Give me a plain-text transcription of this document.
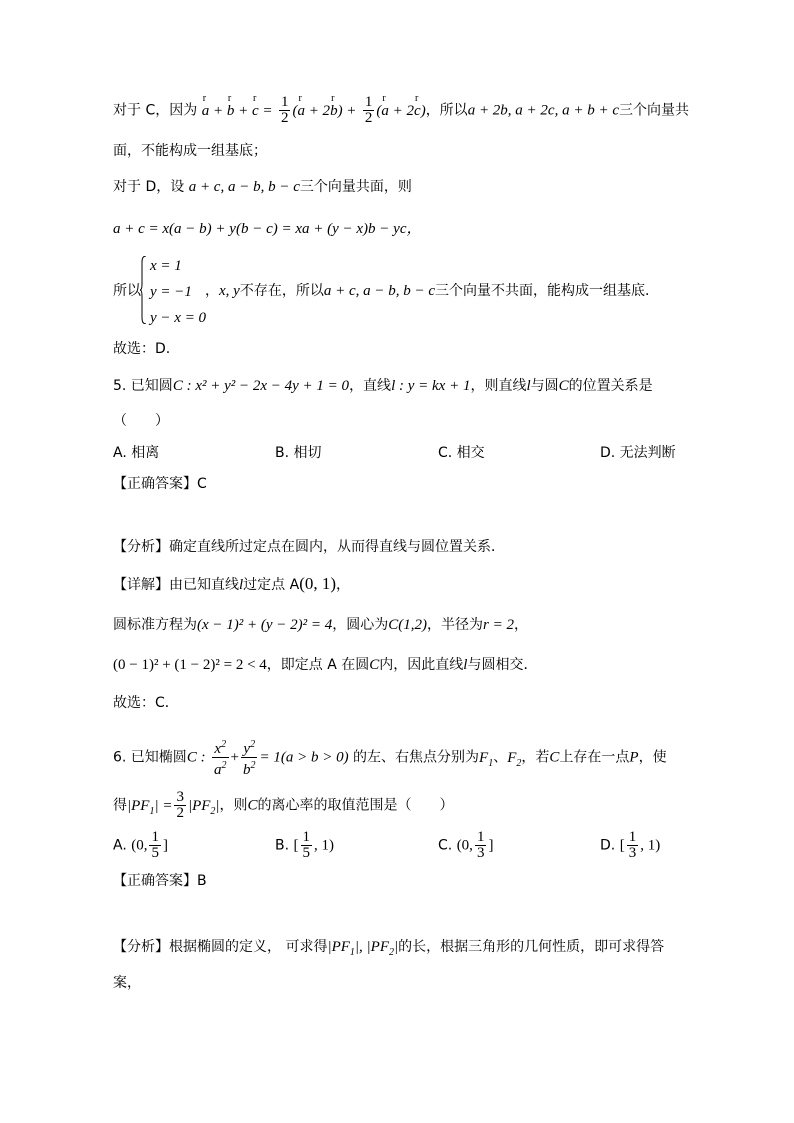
对于 C，因为 r a + r b + r $c = \frac{1}{2} (r$ a + 2r $b) + \frac{1}{2} (r$ a + 2r c)，所以a + 2b, a + 2c, a + b + c三个向量共
面，不能构成一组基底；
对于 D，设 a + c, a − b, b − c三个向量共面，则
a + c = x(a − b) + y(b − c) = xa + (y − x)b − yc，
所以
x = 1
y = −1
y − x = 0
，x, y不存在，所以a + c, a − b, b − c三个向量不共面，能构成一组基底.
故选：D.
5. 已知圆C : x² + y² − 2x − 4y + 1 = 0，直线l : y = kx + 1，则直线l与圆C的位置关系是
（　　）
A. 相离	B. 相切	C. 相交	D. 无法判断
【正确答案】C
【分析】确定直线所过定点在圆内，从而得直线与圆位置关系．
【详解】由已知直线l过定点 A(0, 1)，
圆标准方程为(x − 1)² + (y − 2)² = 4，圆心为C(1,2)，半径为r = 2，
(0 − 1)² + (1 − 2)² = 2 < 4，即定点 A 在圆C内，因此直线l与圆相交．
故选：C．
6. 已知椭圆C : $\frac{x^2}{a^2} + \frac{y^2}{b^2} = 1(a > b > 0)$ 的左、右焦点分别为$F_1$、$F_2$，若C上存在一点P，使
得$|PF_1| = \frac{3}{2} |PF_2|$，则C的离心率的取值范围是（　　）
A. (0, $\frac{1}{5}$ ]	B. [ $\frac{1}{5}$ , 1)	C. (0, $\frac{1}{3}$ ]	D. [ $\frac{1}{3}$ , 1)
【正确答案】B
【分析】根据椭圆的定义， 可求得$|PF_1|$, $|PF_2|$的长，根据三角形的几何性质，即可求得答
案，
